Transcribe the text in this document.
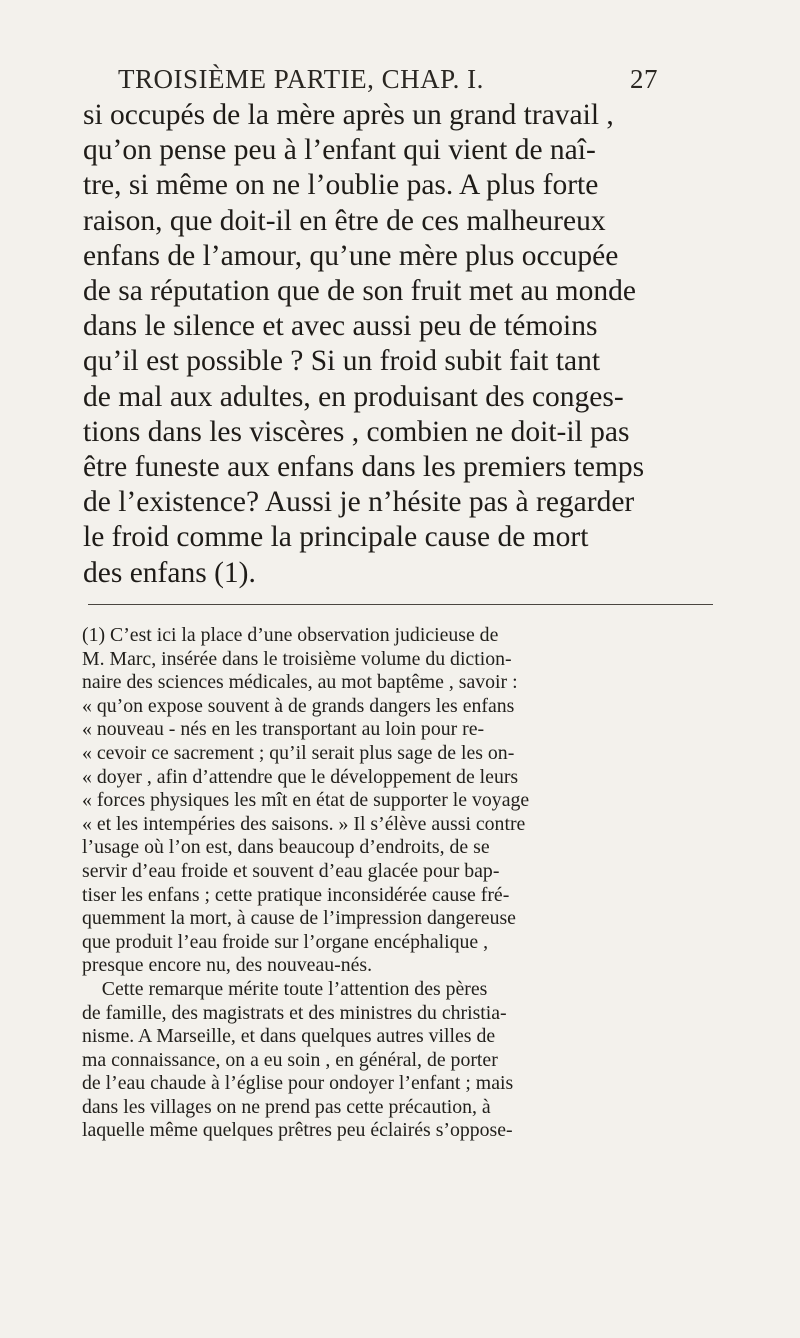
TROISIÈME PARTIE, CHAP. I.	27
si occupés de la mère après un grand travail ,
qu’on pense peu à l’enfant qui vient de naî-
tre, si même on ne l’oublie pas. A plus forte
raison, que doit-il en être de ces malheureux
enfans de l’amour, qu’une mère plus occupée
de sa réputation que de son fruit met au monde
dans le silence et avec aussi peu de témoins
qu’il est possible ? Si un froid subit fait tant
de mal aux adultes, en produisant des conges-
tions dans les viscères , combien ne doit-il pas
être funeste aux enfans dans les premiers temps
de l’existence? Aussi je n’hésite pas à regarder
le froid comme la principale cause de mort
des enfans (1).
(1) C’est ici la place d’une observation judicieuse de
M. Marc, insérée dans le troisième volume du diction-
naire des sciences médicales, au mot baptême , savoir :
« qu’on expose souvent à de grands dangers les enfans
« nouveau - nés en les transportant au loin pour re-
« cevoir ce sacrement ; qu’il serait plus sage de les on-
« doyer , afin d’attendre que le développement de leurs
« forces physiques les mît en état de supporter le voyage
« et les intempéries des saisons. » Il s’élève aussi contre
l’usage où l’on est, dans beaucoup d’endroits, de se
servir d’eau froide et souvent d’eau glacée pour bap-
tiser les enfans ; cette pratique inconsidérée cause fré-
quemment la mort, à cause de l’impression dangereuse
que produit l’eau froide sur l’organe encéphalique ,
presque encore nu, des nouveau-nés.
Cette remarque mérite toute l’attention des pères
de famille, des magistrats et des ministres du christia-
nisme. A Marseille, et dans quelques autres villes de
ma connaissance, on a eu soin , en général, de porter
de l’eau chaude à l’église pour ondoyer l’enfant ; mais
dans les villages on ne prend pas cette précaution, à
laquelle même quelques prêtres peu éclairés s’oppose-
